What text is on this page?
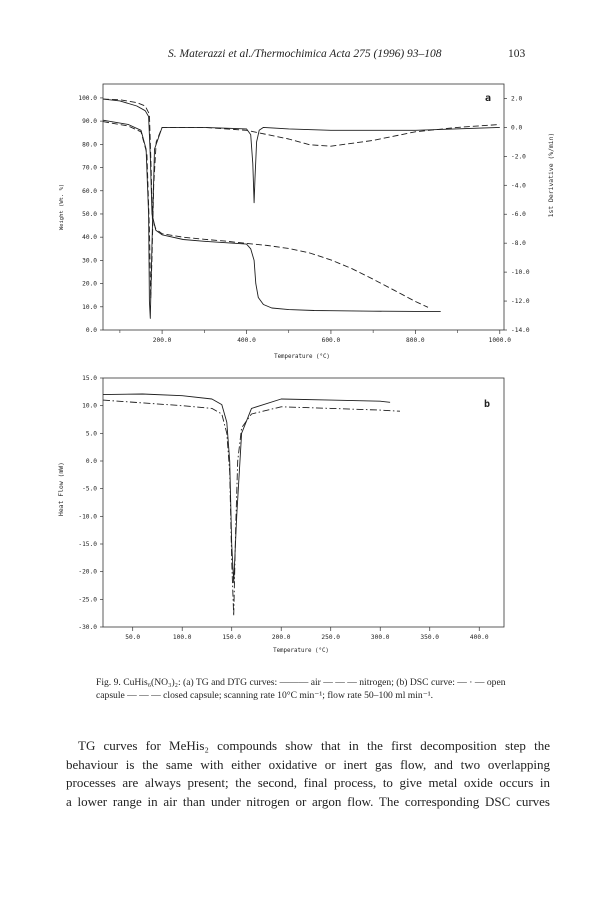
S. Materazzi et al./Thermochimica Acta 275 (1996) 93–108	103
a
Weight (Wt. %)	1st Derivative (%/min)
Temperature (°C)
100.0
90.0
80.0
70.0
60.0
50.0
40.0
30.0
20.0
10.0
0.0
2.0
0.0
-2.0
-4.0
-6.0
-8.0
-10.0
-12.0
-14.0
200.0	400.0	600.0	800.0	1000.0
b
Heat Flow (mW)
Temperature (°C)
15.0
10.0
5.0
0.0
-5.0
-10.0
-15.0
-20.0
-25.0
-30.0
50.0	100.0	150.0	200.0	250.0	300.0	350.0	400.0
Fig. 9. CuHis₆(NO₃)₂: (a) TG and DTG curves: ——— air — — — nitrogen; (b) DSC curve: — · — open
capsule — — — closed capsule; scanning rate 10°C min⁻¹; flow rate 50–100 ml min⁻¹.
TG curves for MeHis₂ compounds show that in the first decomposition step the
behaviour is the same with either oxidative or inert gas flow, and two overlapping
processes are always present; the second, final process, to give metal oxide occurs in
a lower range in air than under nitrogen or argon flow. The corresponding DSC curves
